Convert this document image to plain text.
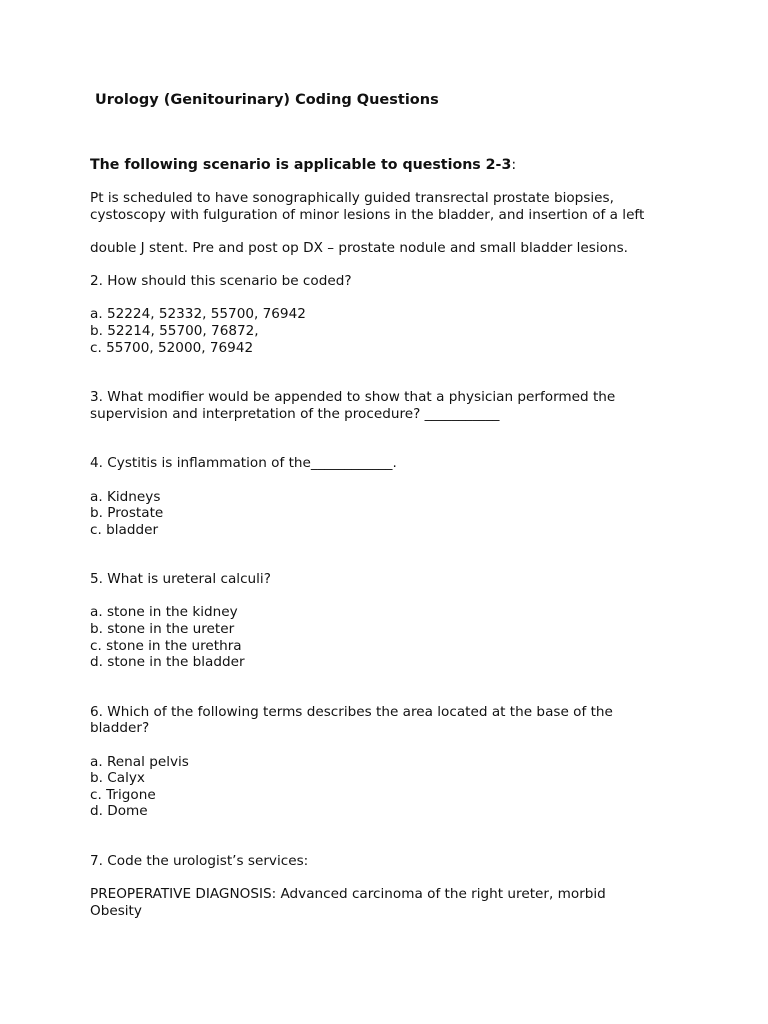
Urology (Genitourinary) Coding Questions
The following scenario is applicable to questions 2-3:
Pt is scheduled to have sonographically guided transrectal prostate biopsies,
cystoscopy with fulguration of minor lesions in the bladder, and insertion of a left
double J stent. Pre and post op DX – prostate nodule and small bladder lesions.
2. How should this scenario be coded?
a. 52224, 52332, 55700, 76942
b. 52214, 55700, 76872,
c. 55700, 52000, 76942
3. What modifier would be appended to show that a physician performed the
supervision and interpretation of the procedure? ___________
4. Cystitis is inflammation of the____________.
a. Kidneys
b. Prostate
c. bladder
5. What is ureteral calculi?
a. stone in the kidney
b. stone in the ureter
c. stone in the urethra
d. stone in the bladder
6. Which of the following terms describes the area located at the base of the
bladder?
a. Renal pelvis
b. Calyx
c. Trigone
d. Dome
7. Code the urologist’s services:
PREOPERATIVE DIAGNOSIS: Advanced carcinoma of the right ureter, morbid
Obesity
